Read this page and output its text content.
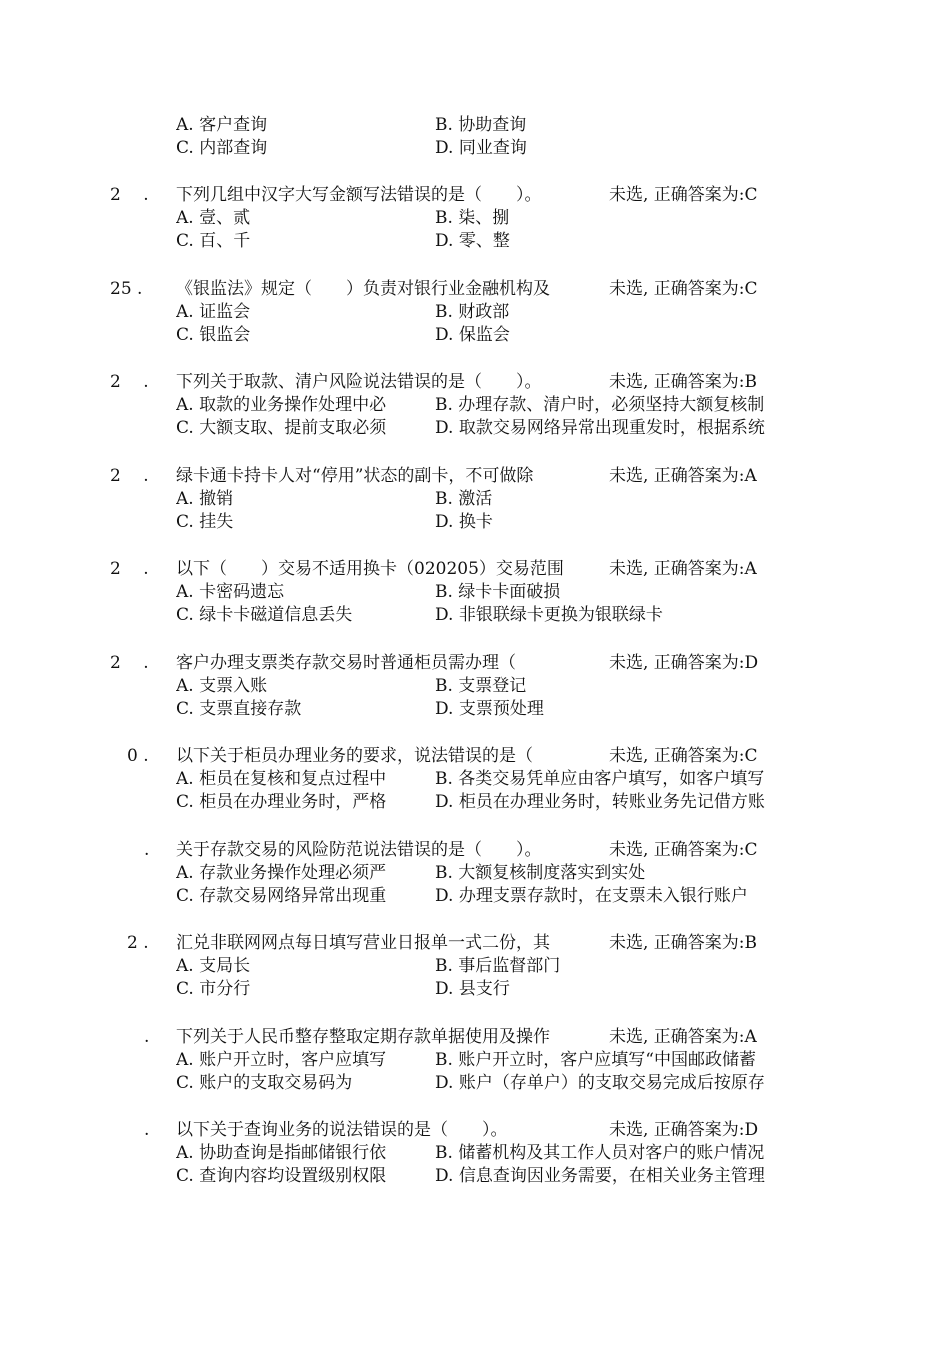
A. 客户查询	B. 协助查询
C. 内部查询	D. 同业查询
2 　.	下列几组中汉字大写金额写法错误的是（　　）。	未选, 正确答案为:C
A. 壹、贰	B. 柒、捌
C. 百、千	D. 零、整
25 .	《银监法》规定（　　）负责对银行业金融机构及	未选, 正确答案为:C
A. 证监会	B. 财政部
C. 银监会	D. 保监会
2 　.	下列关于取款、清户风险说法错误的是（　　）。	未选, 正确答案为:B
A. 取款的业务操作处理中必	B. 办理存款、清户时，必须坚持大额复核制
C. 大额支取、提前支取必须	D. 取款交易网络异常出现重发时，根据系统
2 　.	绿卡通卡持卡人对“停用”状态的副卡，不可做除	未选, 正确答案为:A
A. 撤销	B. 激活
C. 挂失	D. 换卡
2 　.	以下（　　）交易不适用换卡（020205）交易范围	未选, 正确答案为:A
A. 卡密码遗忘	B. 绿卡卡面破损
C. 绿卡卡磁道信息丢失	D. 非银联绿卡更换为银联绿卡
2 　.	客户办理支票类存款交易时普通柜员需办理（	未选, 正确答案为:D
A. 支票入账	B. 支票登记
C. 支票直接存款	D. 支票预处理
　0 .	以下关于柜员办理业务的要求，说法错误的是（	未选, 正确答案为:C
A. 柜员在复核和复点过程中	B. 各类交易凭单应由客户填写，如客户填写
C. 柜员在办理业务时，严格	D. 柜员在办理业务时，转账业务先记借方账
　　.	关于存款交易的风险防范说法错误的是（　　）。	未选, 正确答案为:C
A. 存款业务操作处理必须严	B. 大额复核制度落实到实处
C. 存款交易网络异常出现重	D. 办理支票存款时，在支票未入银行账户
　2 .	汇兑非联网网点每日填写营业日报单一式二份，其	未选, 正确答案为:B
A. 支局长	B. 事后监督部门
C. 市分行	D. 县支行
　　.	下列关于人民币整存整取定期存款单据使用及操作	未选, 正确答案为:A
A. 账户开立时，客户应填写	B. 账户开立时，客户应填写“中国邮政储蓄
C. 账户的支取交易码为	D. 账户（存单户）的支取交易完成后按原存
　　.	以下关于查询业务的说法错误的是（　　）。	未选, 正确答案为:D
A. 协助查询是指邮储银行依	B. 储蓄机构及其工作人员对客户的账户情况
C. 查询内容均设置级别权限	D. 信息查询因业务需要，在相关业务主管理
